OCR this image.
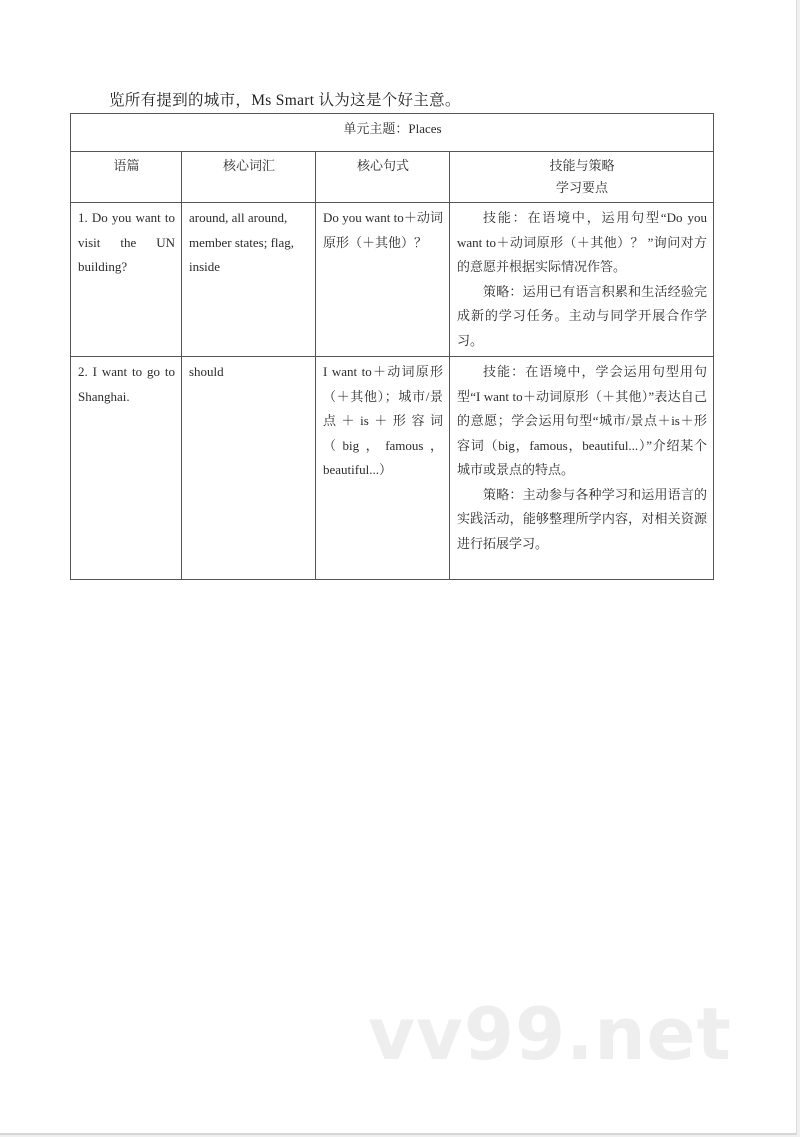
览所有提到的城市，Ms Smart 认为这是个好主意。
单元主题：Places			
语篇	核心词汇	核心句式	技能与策略
学习要点

1. Do you want to visit the UN building?	around, all around, member states; flag, inside	Do you want to＋动词原形（＋其他）？	技能：在语境中，运用句型“Do you want to＋动词原形（＋其他）？ ”询问对方的意愿并根据实际情况作答。
策略：运用已有语言积累和生活经验完成新的学习任务。主动与同学开展合作学习。

2. I want to go to Shanghai.	should	I want to＋动词原形（＋其他）；城市/景点＋is＋形容词（big，famous，beautiful...）	技能：在语境中，学会运用句型用句型“I want to＋动词原形（＋其他）”表达自己的意愿；学会运用句型“城市/景点＋is＋形容词（big，famous，beautiful...）”介绍某个城市或景点的特点。
策略：主动参与各种学习和运用语言的实践活动，能够整理所学内容，对相关资源进行拓展学习。
vv99.net
